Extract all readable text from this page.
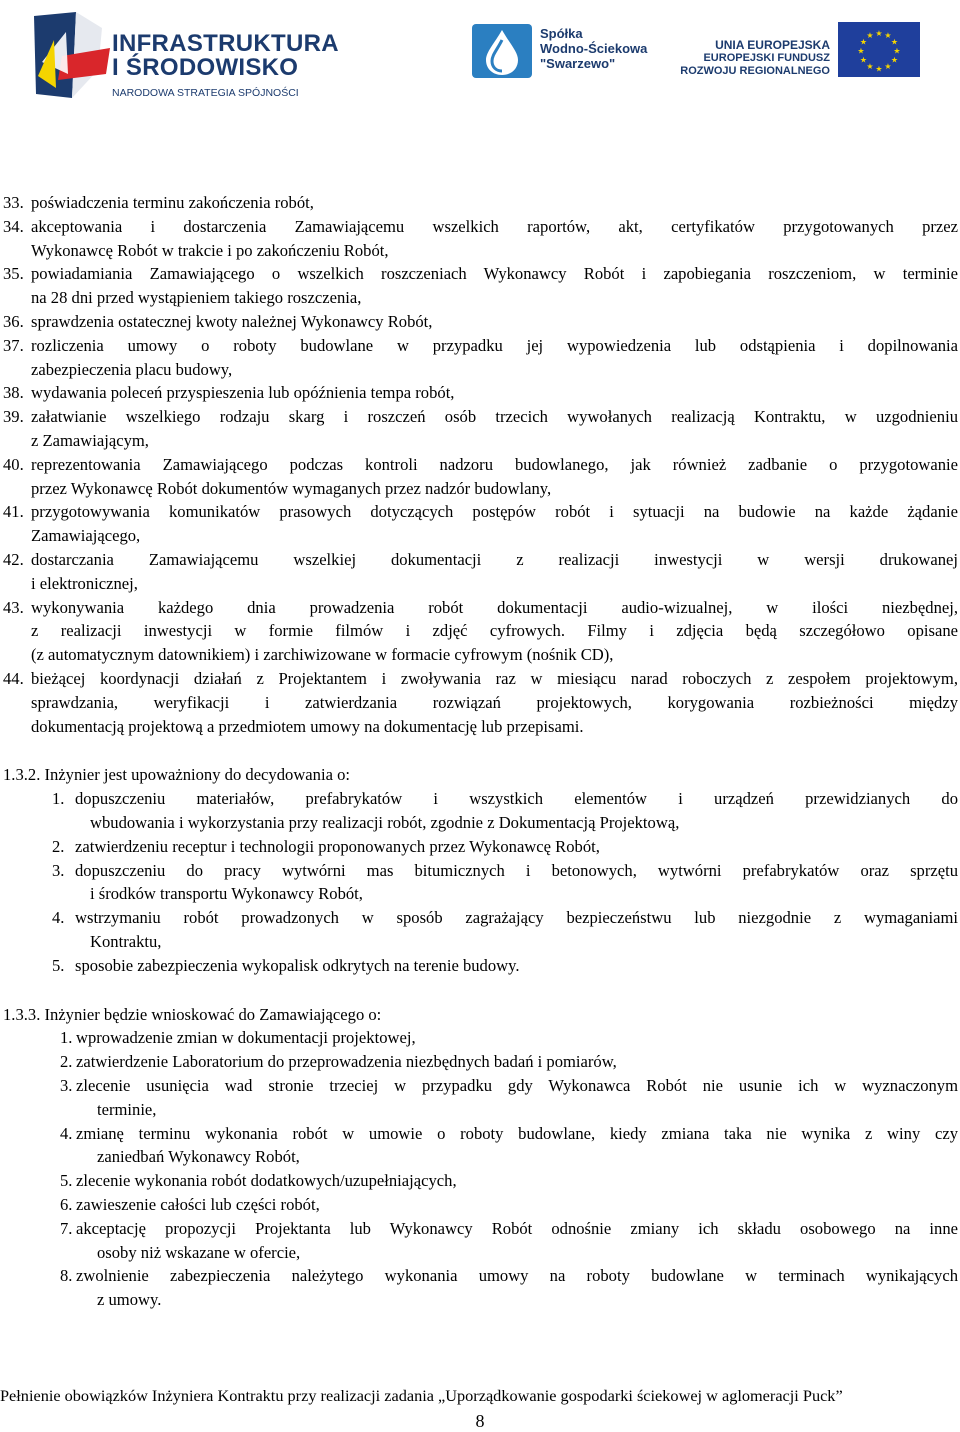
INFRASTRUKTURA
I ŚRODOWISKO
NARODOWA STRATEGIA SPÓJNOŚCI
Spółka
Wodno-Ściekowa
"Swarzewo"
UNIA EUROPEJSKA
EUROPEJSKI FUNDUSZ
ROZWOJU REGIONALNEGO
★ ★
★
★
★
★
★
★
★
★
★
★
33. poświadczenia terminu zakończenia robót,
34. akceptowania i dostarczenia Zamawiającemu wszelkich raportów, akt, certyfikatów przygotowanych przez
Wykonawcę Robót w trakcie i po zakończeniu Robót,
35. powiadamiania Zamawiającego o wszelkich roszczeniach Wykonawcy Robót i zapobiegania roszczeniom, w terminie
na 28 dni przed wystąpieniem takiego roszczenia,
36. sprawdzenia ostatecznej kwoty należnej Wykonawcy Robót,
37. rozliczenia umowy o roboty budowlane w przypadku jej wypowiedzenia lub odstąpienia i dopilnowania
zabezpieczenia placu budowy,
38. wydawania poleceń przyspieszenia lub opóźnienia tempa robót,
39. załatwianie wszelkiego rodzaju skarg i roszczeń osób trzecich wywołanych realizacją Kontraktu, w uzgodnieniu
z Zamawiającym,
40. reprezentowania Zamawiającego podczas kontroli nadzoru budowlanego, jak również zadbanie o przygotowanie
przez Wykonawcę Robót dokumentów wymaganych przez nadzór budowlany,
41. przygotowywania komunikatów prasowych dotyczących postępów robót i sytuacji na budowie na każde żądanie
Zamawiającego,
42. dostarczania Zamawiającemu wszelkiej dokumentacji z realizacji inwestycji w wersji drukowanej
i elektronicznej,
43. wykonywania każdego dnia prowadzenia robót dokumentacji audio-wizualnej, w ilości niezbędnej,
z realizacji inwestycji w formie filmów i zdjęć cyfrowych. Filmy i zdjęcia będą szczegółowo opisane
(z automatycznym datownikiem) i zarchiwizowane w formacie cyfrowym (nośnik CD),
44. bieżącej koordynacji działań z Projektantem i zwoływania raz w miesiącu narad roboczych z zespołem projektowym,
sprawdzania, weryfikacji i zatwierdzania rozwiązań projektowych, korygowania rozbieżności między
dokumentacją projektową a przedmiotem umowy na dokumentację lub przepisami.
1.3.2. Inżynier jest upoważniony do decydowania o:
1. dopuszczeniu materiałów, prefabrykatów i wszystkich elementów i urządzeń przewidzianych do
wbudowania i wykorzystania przy realizacji robót, zgodnie z Dokumentacją Projektową,
2. zatwierdzeniu receptur i technologii proponowanych przez Wykonawcę Robót,
3. dopuszczeniu do pracy wytwórni mas bitumicznych i betonowych, wytwórni prefabrykatów oraz sprzętu
i środków transportu Wykonawcy Robót,
4. wstrzymaniu robót prowadzonych w sposób zagrażający bezpieczeństwu lub niezgodnie z wymaganiami
Kontraktu,
5. sposobie zabezpieczenia wykopalisk odkrytych na terenie budowy.
1.3.3. Inżynier będzie wnioskować do Zamawiającego o:
1. wprowadzenie zmian w dokumentacji projektowej,
2. zatwierdzenie Laboratorium do przeprowadzenia niezbędnych badań i pomiarów,
3. zlecenie usunięcia wad stronie trzeciej w przypadku gdy Wykonawca Robót nie usunie ich w wyznaczonym
terminie,
4. zmianę terminu wykonania robót w umowie o roboty budowlane, kiedy zmiana taka nie wynika z winy czy
zaniedbań Wykonawcy Robót,
5. zlecenie wykonania robót dodatkowych/uzupełniających,
6. zawieszenie całości lub części robót,
7. akceptację propozycji Projektanta lub Wykonawcy Robót odnośnie zmiany ich składu osobowego na inne
osoby niż wskazane w ofercie,
8. zwolnienie zabezpieczenia należytego wykonania umowy na roboty budowlane w terminach wynikających
z umowy.
Pełnienie obowiązków Inżyniera Kontraktu przy realizacji zadania „Uporządkowanie gospodarki ściekowej w aglomeracji Puck”
8
